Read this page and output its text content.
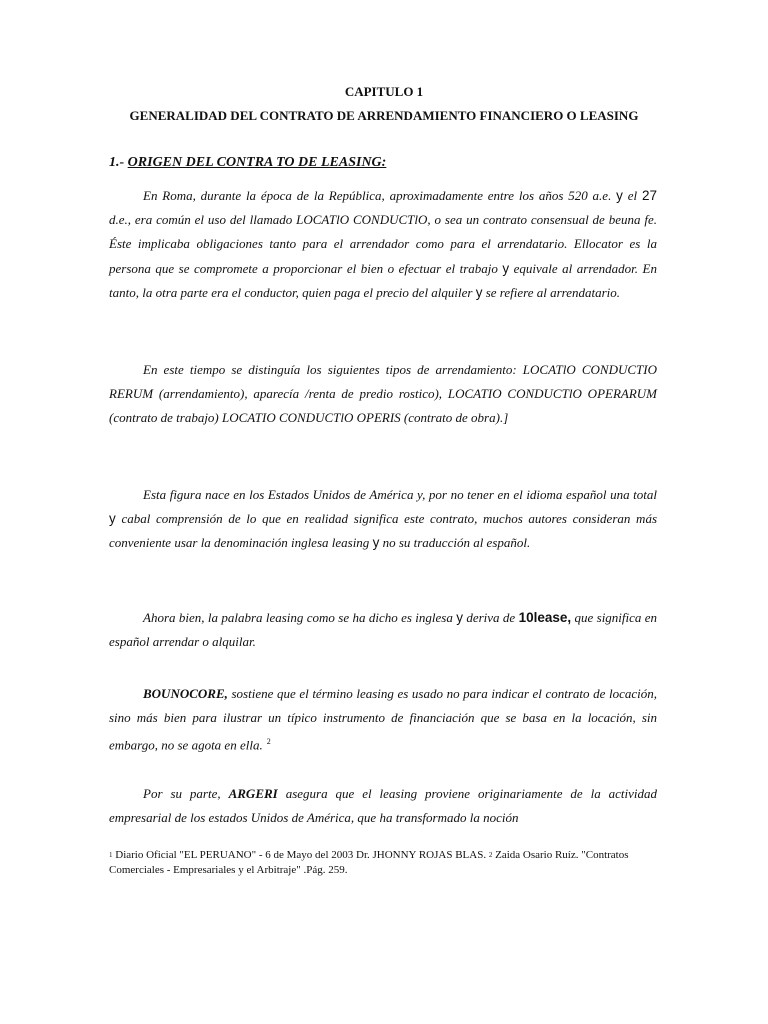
CAPITULO 1
GENERALIDAD DEL CONTRATO DE ARRENDAMIENTO FINANCIERO O LEASING
1.- ORIGEN DEL CONTRA TO DE LEASING:
En Roma, durante la época de la República, aproximadamente entre los años 520 a.e. y el 27 d.e., era común el uso del llamado LOCATlO CONDUCTlO, o sea un contrato consensual de beuna fe. Éste implicaba obligaciones tanto para el arrendador como para el arrendatario. Ellocator es la persona que se compromete a proporcionar el bien o efectuar el trabajo y equivale al arrendador. En tanto, la otra parte era el conductor, quien paga el precio del alquiler y se refiere al arrendatario.
En este tiempo se distinguía los siguientes tipos de arrendamiento: LOCATlO CONDUCTIO RERUM (arrendamiento), aparecía /renta de predio rostico), LOCATIO CONDUCTlO OPERARUM (contrato de trabajo) LOCATIO CONDUCTlO OPERIS (contrato de obra).]
Esta figura nace en los Estados Unidos de América y, por no tener en el idioma español una total y cabal comprensión de lo que en realidad significa este contrato, muchos autores consideran más conveniente usar la denominación inglesa leasing y no su traducción al español.
Ahora bien, la palabra leasing como se ha dicho es inglesa y deriva de 10lease, que significa en español arrendar o alquilar.
BOUNOCORE, sostiene que el término leasing es usado no para indicar el contrato de locación, sino más bien para ilustrar un típico instrumento de financiación que se basa en la locación, sin embargo, no se agota en ella. $^2$
Por su parte, ARGERI asegura que el leasing proviene originariamente de la actividad empresarial de los estados Unidos de América, que ha transformado la noción
1 Diario Oficial "EL PERUANO" - 6 de Mayo del 2003 Dr. JHONNY ROJAS BLAS. 2 Zaida Osario Ruíz. "Contratos Comerciales - Empresariales y el Arbitraje" .Pág. 259.
